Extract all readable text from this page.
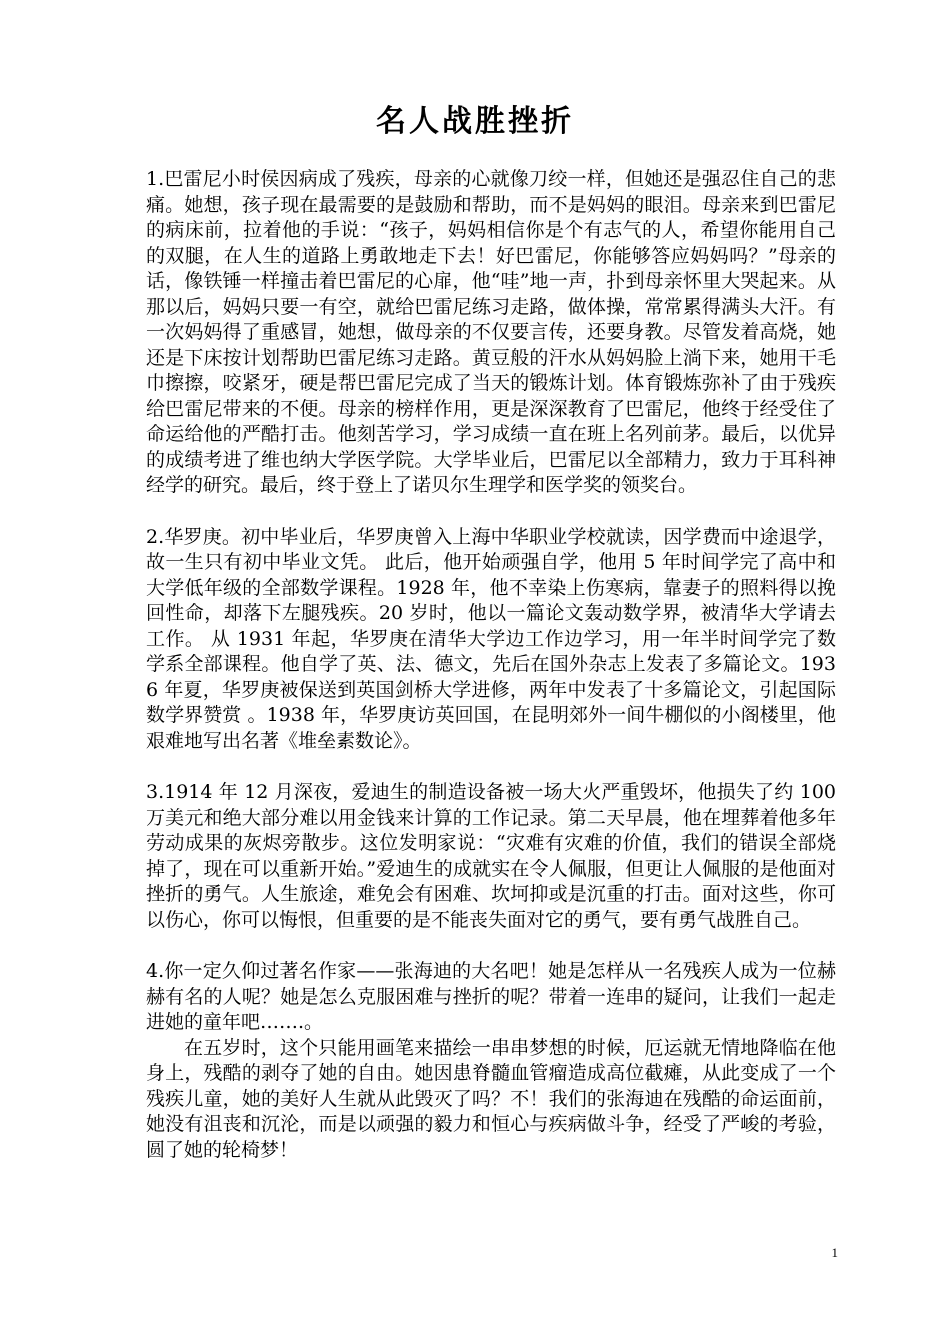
名人战胜挫折

1.巴雷尼小时侯因病成了残疾，母亲的心就像刀绞一样，但她还是强忍住自己的悲痛。她想，孩子现在最需要的是鼓励和帮助，而不是妈妈的眼泪。母亲来到巴雷尼的病床前，拉着他的手说：“孩子，妈妈相信你是个有志气的人，希望你能用自己的双腿，在人生的道路上勇敢地走下去！好巴雷尼，你能够答应妈妈吗？”母亲的话，像铁锤一样撞击着巴雷尼的心扉，他“哇”地一声，扑到母亲怀里大哭起来。从那以后，妈妈只要一有空，就给巴雷尼练习走路，做体操，常常累得满头大汗。有一次妈妈得了重感冒，她想，做母亲的不仅要言传，还要身教。尽管发着高烧，她还是下床按计划帮助巴雷尼练习走路。黄豆般的汗水从妈妈脸上淌下来，她用干毛巾擦擦，咬紧牙，硬是帮巴雷尼完成了当天的锻炼计划。体育锻炼弥补了由于残疾给巴雷尼带来的不便。母亲的榜样作用，更是深深教育了巴雷尼，他终于经受住了命运给他的严酷打击。他刻苦学习，学习成绩一直在班上名列前茅。最后，以优异的成绩考进了维也纳大学医学院。大学毕业后，巴雷尼以全部精力，致力于耳科神经学的研究。最后，终于登上了诺贝尔生理学和医学奖的领奖台。

2.华罗庚。初中毕业后，华罗庚曾入上海中华职业学校就读，因学费而中途退学，故一生只有初中毕业文凭。 此后，他开始顽强自学，他用 5 年时间学完了高中和大学低年级的全部数学课程。1928 年，他不幸染上伤寒病，靠妻子的照料得以挽回性命，却落下左腿残疾。20 岁时，他以一篇论文轰动数学界，被清华大学请去工作。 从 1931 年起，华罗庚在清华大学边工作边学习，用一年半时间学完了数学系全部课程。他自学了英、法、德文，先后在国外杂志上发表了多篇论文。1936 年夏，华罗庚被保送到英国剑桥大学进修，两年中发表了十多篇论文，引起国际数学界赞赏 。1938 年，华罗庚访英回国，在昆明郊外一间牛棚似的小阁楼里，他艰难地写出名著《堆垒素数论》。

3.1914 年 12 月深夜，爱迪生的制造设备被一场大火严重毁坏，他损失了约 100 万美元和绝大部分难以用金钱来计算的工作记录。第二天早晨，他在埋葬着他多年劳动成果的灰烬旁散步。这位发明家说：“灾难有灾难的价值，我们的错误全部烧掉了，现在可以重新开始。”爱迪生的成就实在令人佩服，但更让人佩服的是他面对挫折的勇气。人生旅途，难免会有困难、坎坷抑或是沉重的打击。面对这些，你可以伤心，你可以悔恨，但重要的是不能丧失面对它的勇气，要有勇气战胜自己。

4.你一定久仰过著名作家——张海迪的大名吧！她是怎样从一名残疾人成为一位赫赫有名的人呢？她是怎么克服困难与挫折的呢？带着一连串的疑问，让我们一起走进她的童年吧…….。

在五岁时，这个只能用画笔来描绘一串串梦想的时候，厄运就无情地降临在他身上，残酷的剥夺了她的自由。她因患脊髓血管瘤造成高位截瘫，从此变成了一个残疾儿童，她的美好人生就从此毁灭了吗？不！我们的张海迪在残酷的命运面前，她没有沮丧和沉沦，而是以顽强的毅力和恒心与疾病做斗争，经受了严峻的考验，圆了她的轮椅梦！

1
